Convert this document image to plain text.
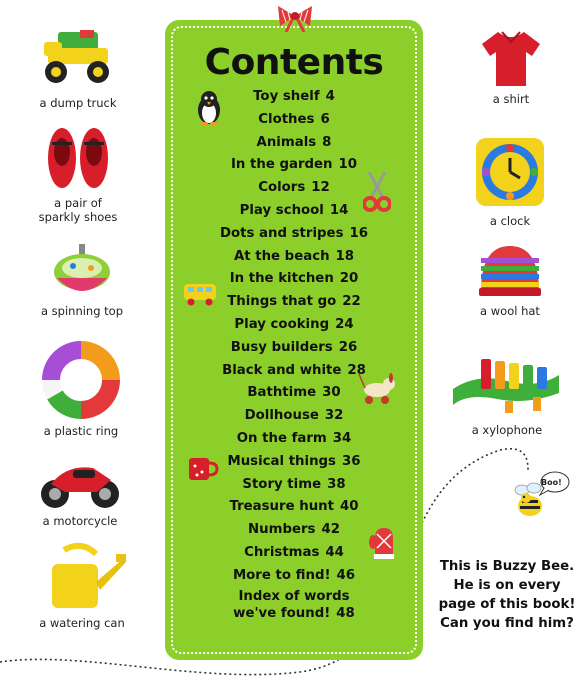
a dump truck
a pair of
sparkly shoes
a spinning top
a plastic ring
a motorcycle
a watering can
Contents
Toy shelf 4
Clothes 6
Animals 8
In the garden 10
Colors 12
Play school 14
Dots and stripes 16
At the beach 18
In the kitchen 20
Things that go 22
Play cooking 24
Busy builders 26
Black and white 28
Bathtime 30
Dollhouse 32
On the farm 34
Musical things 36
Story time 38
Treasure hunt 40
Numbers 42
Christmas 44
More to find! 46
Index of words
we've found! 48
a shirt
a clock
a wool hat
a xylophone
Boo!
This is Buzzy Bee.
He is on every
page of this book!
Can you find him?
